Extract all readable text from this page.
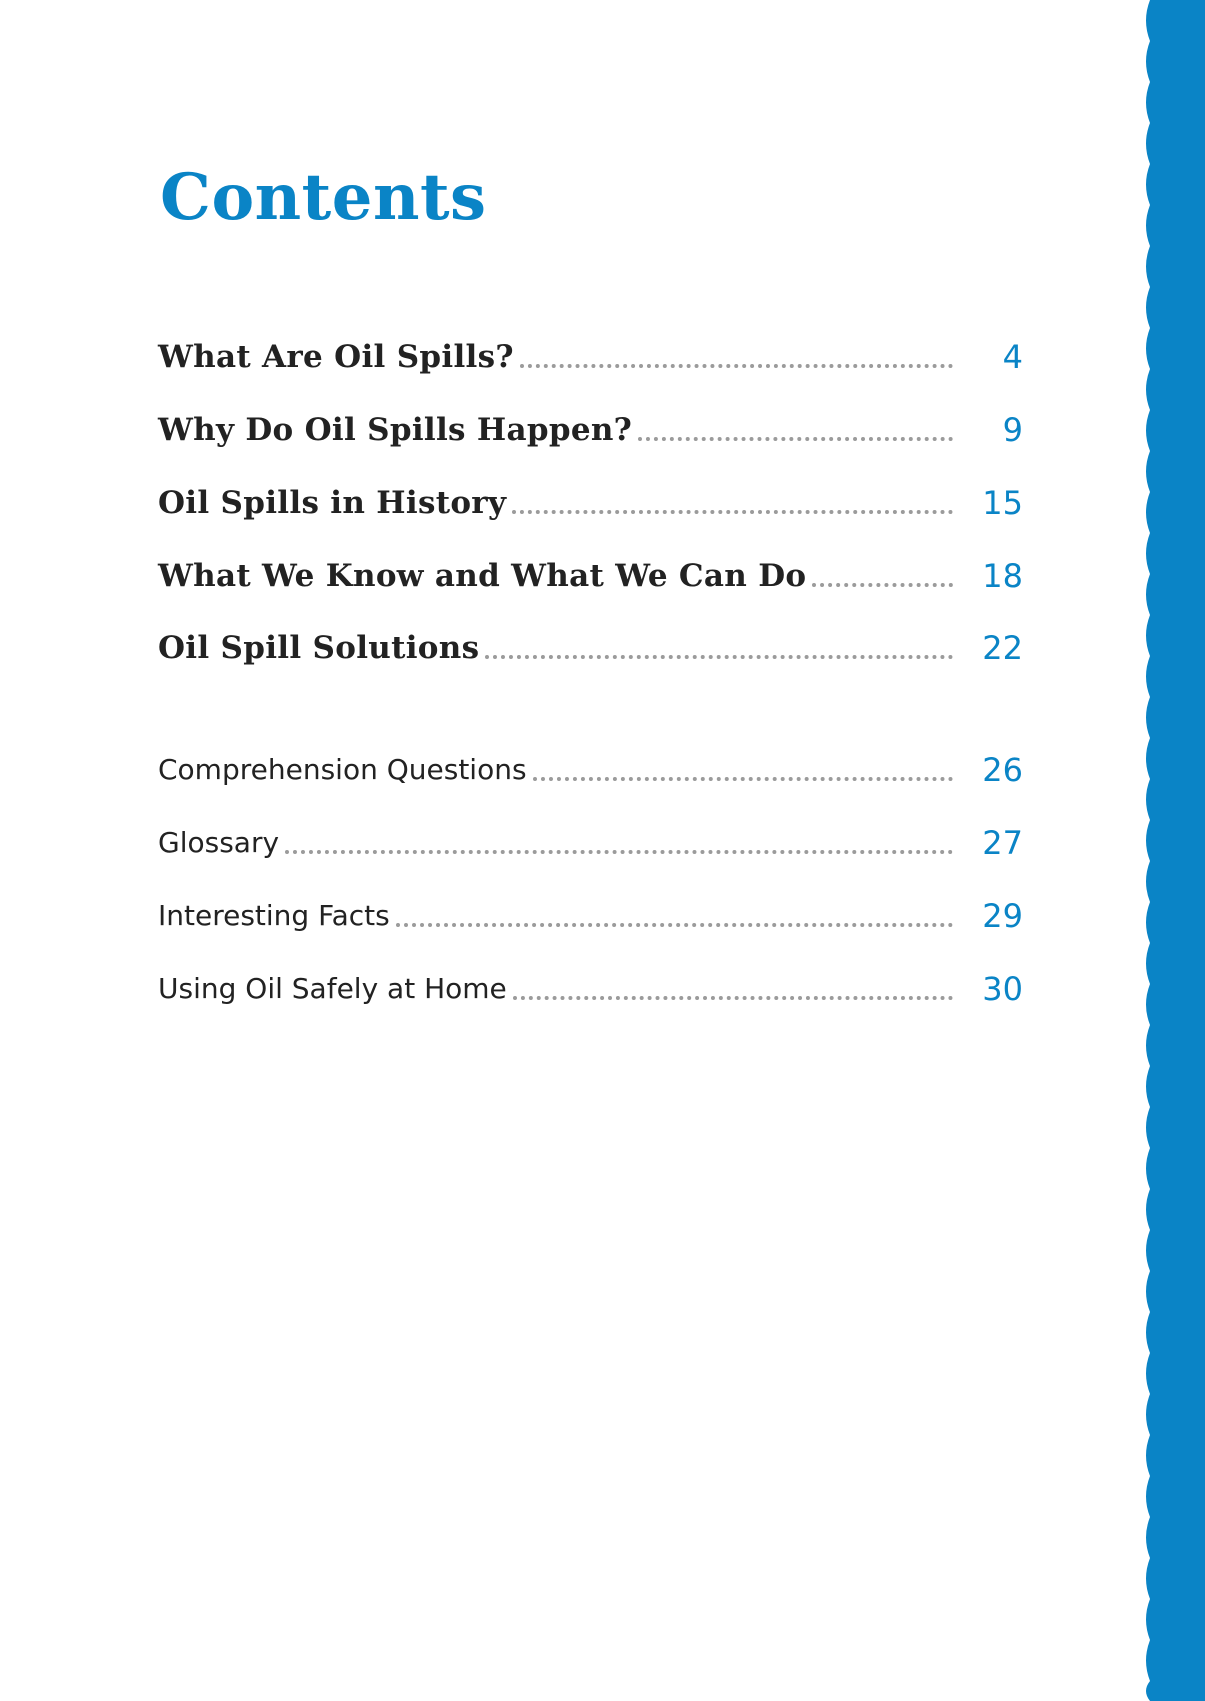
Contents
What Are Oil Spills?	4
Why Do Oil Spills Happen?	9
Oil Spills in History	15
What We Know and What We Can Do	18
Oil Spill Solutions	22
Comprehension Questions	26
Glossary	27
Interesting Facts	29
Using Oil Safely at Home	30
